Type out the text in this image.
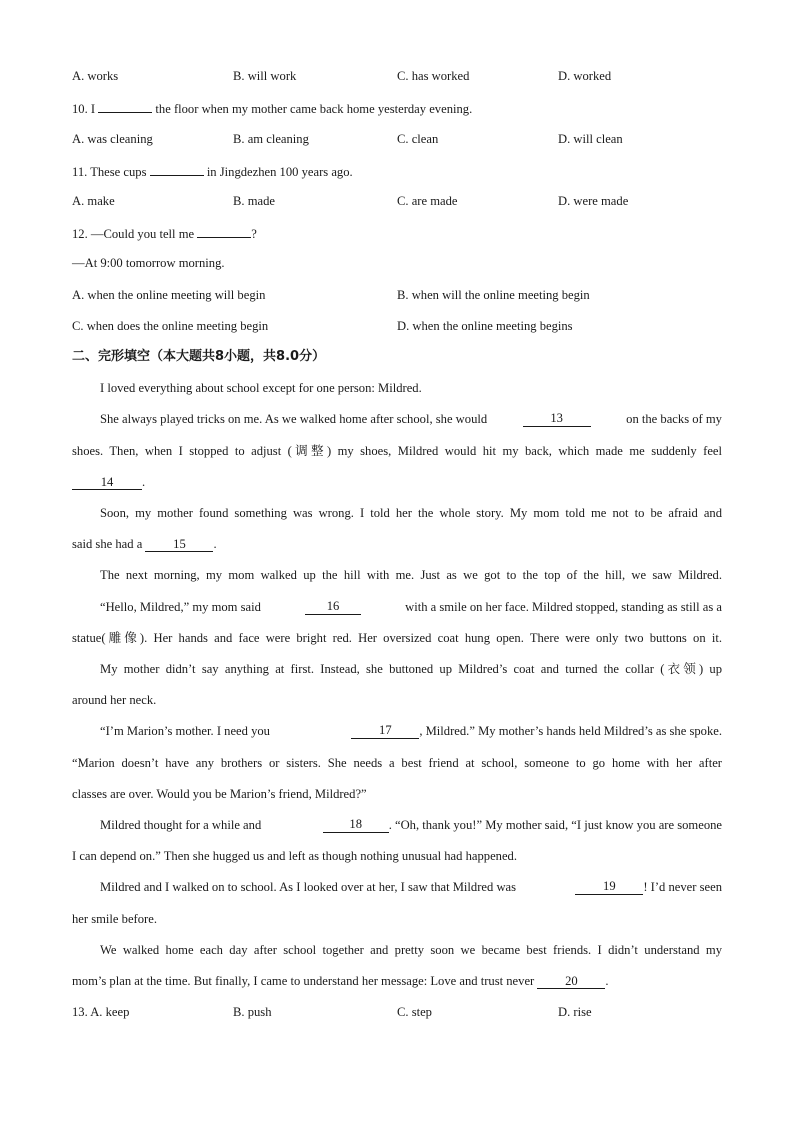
A. works	B. will work	C. has worked	D. worked
10. I	the floor when my mother came back home yesterday evening.
A. was cleaning	B. am cleaning	C. clean	D. will clean
11. These cups	in Jingdezhen 100 years ago.
A. make	B. made	C. are made	D. were made
12. —Could you tell me	?
—At 9:00 tomorrow morning.
A. when the online meeting will begin	B. when will the online meeting begin
C. when does the online meeting begin	D. when the online meeting begins
二、完形填空（本大题共8小题，共8.0分）
I loved everything about school except for one person: Mildred.
She always played tricks on me. As we walked home after school, she would	13	on the backs of my
shoes. Then, when I stopped to adjust (调整) my shoes, Mildred would hit my back, which made me suddenly feel
14 .
Soon, my mother found something was wrong. I told her the whole story. My mom told me not to be afraid and
said she had a 15 .
The next morning, my mom walked up the hill with me. Just as we got to the top of the hill, we saw Mildred.
“Hello, Mildred,” my mom said	16	with a smile on her face. Mildred stopped, standing as still as a
statue(雕像). Her hands and face were bright red. Her oversized coat hung open. There were only two buttons on it.
My mother didn’t say anything at first. Instead, she buttoned up Mildred’s coat and turned the collar (衣领) up
around her neck.
“I’m Marion’s mother. I need you	17	, Mildred.” My mother’s hands held Mildred’s as she spoke.
“Marion doesn’t have any brothers or sisters. She needs a best friend at school, someone to go home with her after
classes are over. Would you be Marion’s friend, Mildred?”
Mildred thought for a while and	18	. “Oh, thank you!” My mother said, “I just know you are someone
I can depend on.” Then she hugged us and left as though nothing unusual had happened.
Mildred and I walked on to school. As I looked over at her, I saw that Mildred was	19	! I’d never seen
her smile before.
We walked home each day after school together and pretty soon we became best friends. I didn’t understand my
mom’s plan at the time. But finally, I came to understand her message: Love and trust never 20 .
13. A. keep	B. push	C. step	D. rise
